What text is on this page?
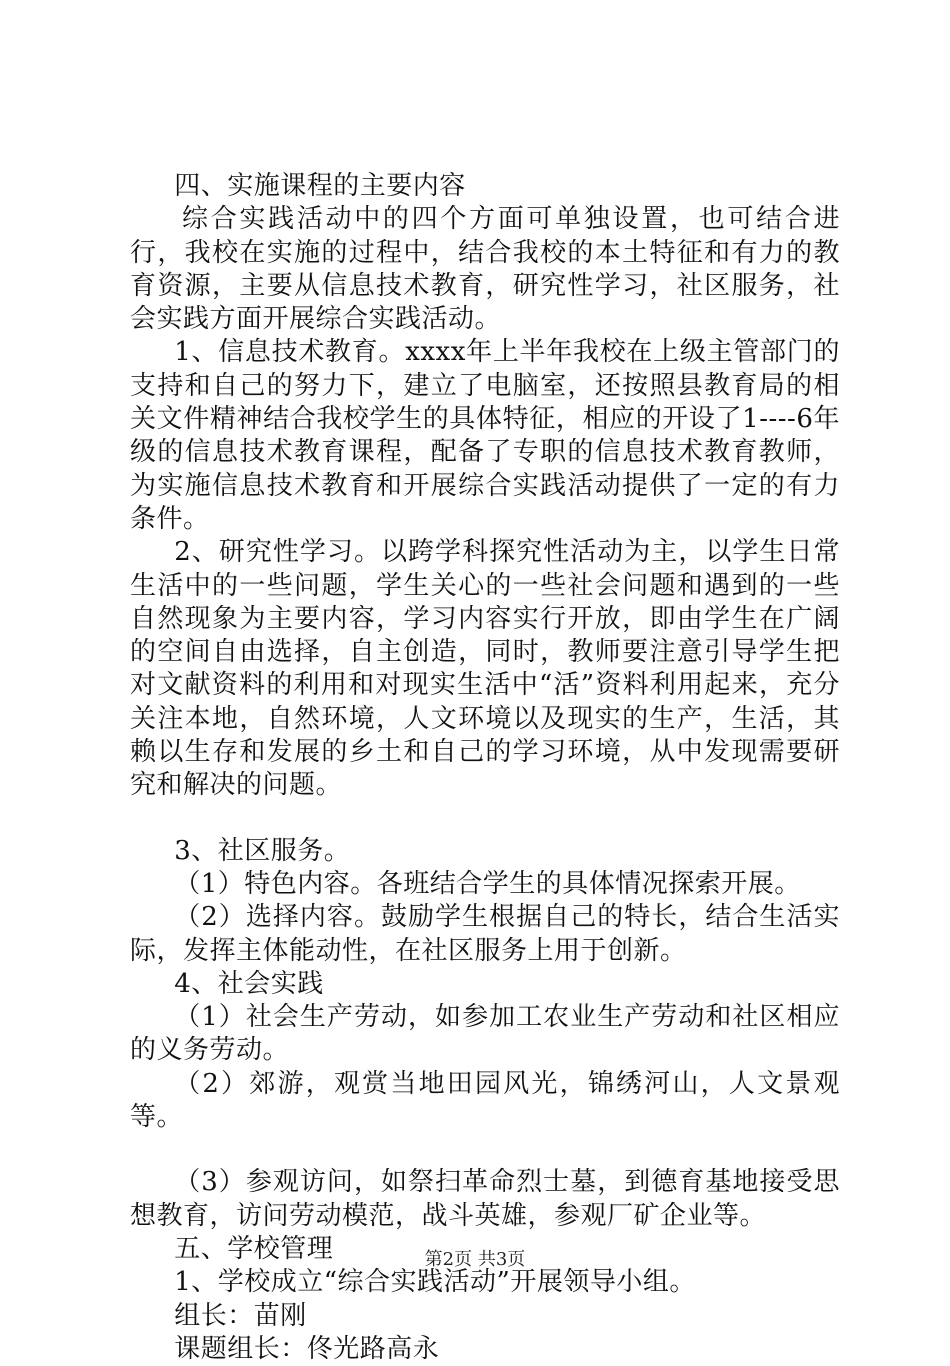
四、实施课程的主要内容

综合实践活动中的四个方面可单独设置，也可结合进行，我校在实施的过程中，结合我校的本土特征和有力的教育资源，主要从信息技术教育，研究性学习，社区服务，社会实践方面开展综合实践活动。

1、信息技术教育。xxxx年上半年我校在上级主管部门的支持和自己的努力下，建立了电脑室，还按照县教育局的相关文件精神结合我校学生的具体特征，相应的开设了1----6年级的信息技术教育课程，配备了专职的信息技术教育教师，为实施信息技术教育和开展综合实践活动提供了一定的有力条件。

2、研究性学习。以跨学科探究性活动为主，以学生日常生活中的一些问题，学生关心的一些社会问题和遇到的一些自然现象为主要内容，学习内容实行开放，即由学生在广阔的空间自由选择，自主创造，同时，教师要注意引导学生把对文献资料的利用和对现实生活中“活”资料利用起来，充分关注本地，自然环境，人文环境以及现实的生产，生活，其赖以生存和发展的乡土和自己的学习环境，从中发现需要研究和解决的问题。

3、社区服务。

（1）特色内容。各班结合学生的具体情况探索开展。

（2）选择内容。鼓励学生根据自己的特长，结合生活实际，发挥主体能动性，在社区服务上用于创新。

4、社会实践

（1）社会生产劳动，如参加工农业生产劳动和社区相应的义务劳动。

（2）郊游，观赏当地田园风光，锦绣河山，人文景观等。

（3）参观访问，如祭扫革命烈士墓，到德育基地接受思想教育，访问劳动模范，战斗英雄，参观厂矿企业等。

五、学校管理

1、学校成立“综合实践活动”开展领导小组。

组长：苗刚

课题组长：佟光路高永

第2页 共3页
